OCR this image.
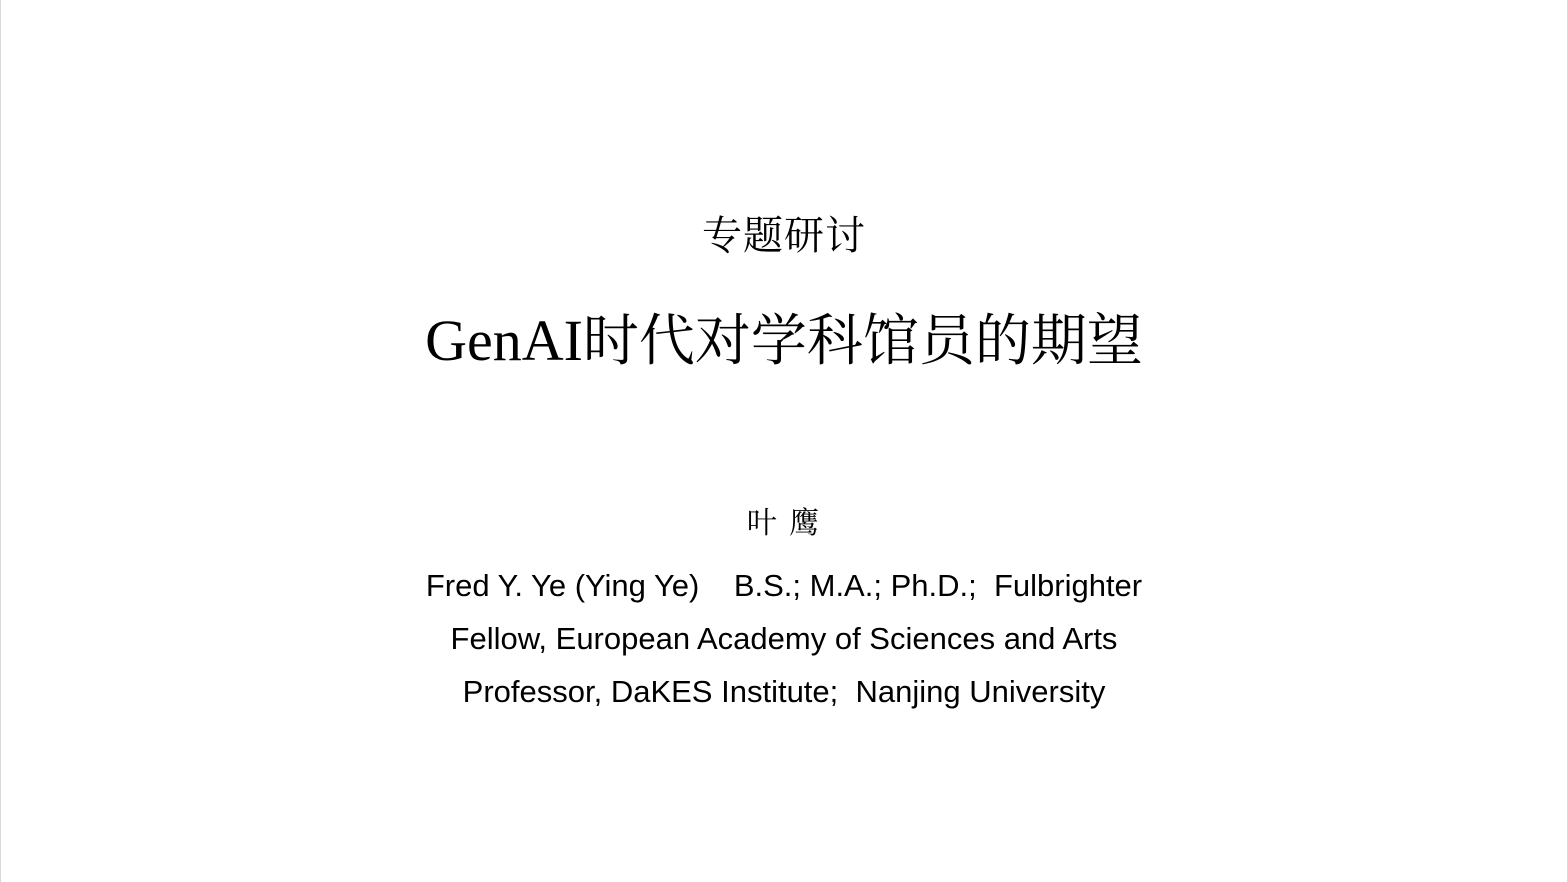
专题研讨
GenAI时代对学科馆员的期望
叶 鹰
Fred Y. Ye (Ying Ye)    B.S.; M.A.; Ph.D.;  Fulbrighter
Fellow, European Academy of Sciences and Arts
Professor, DaKES Institute;  Nanjing University
